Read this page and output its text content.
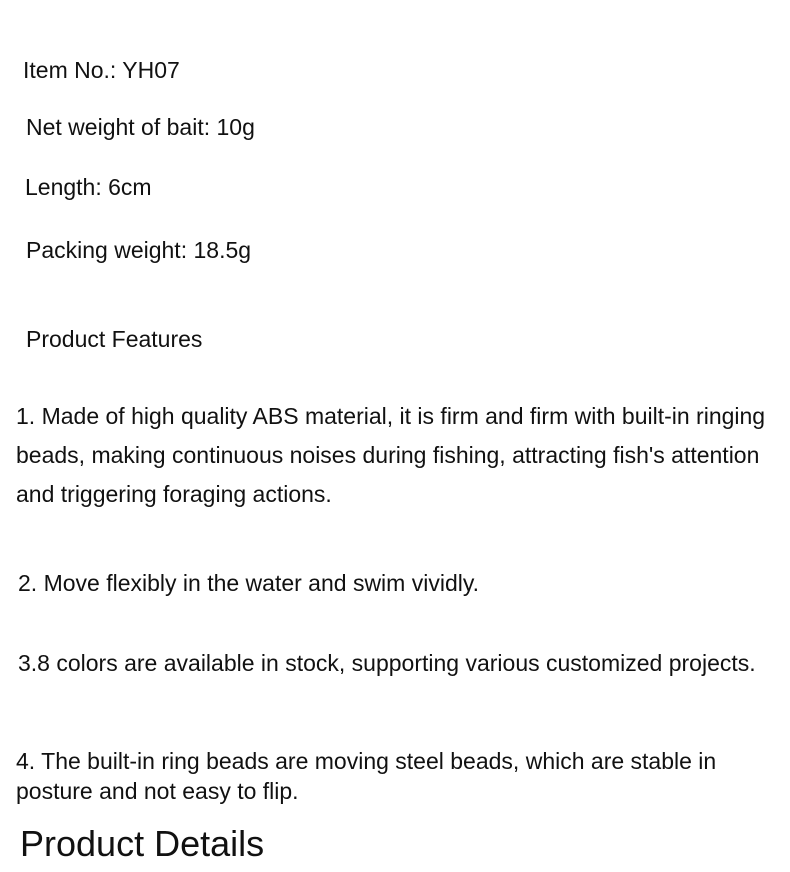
Item No.: YH07

Net weight of bait: 10g

Length: 6cm

Packing weight: 18.5g

Product Features

1. Made of high quality ABS material, it is firm and firm with built-in ringing beads, making continuous noises during fishing, attracting fish's attention and triggering foraging actions.

2. Move flexibly in the water and swim vividly.

3.8 colors are available in stock, supporting various customized projects.

4. The built-in ring beads are moving steel beads, which are stable in posture and not easy to flip.

Product Details
